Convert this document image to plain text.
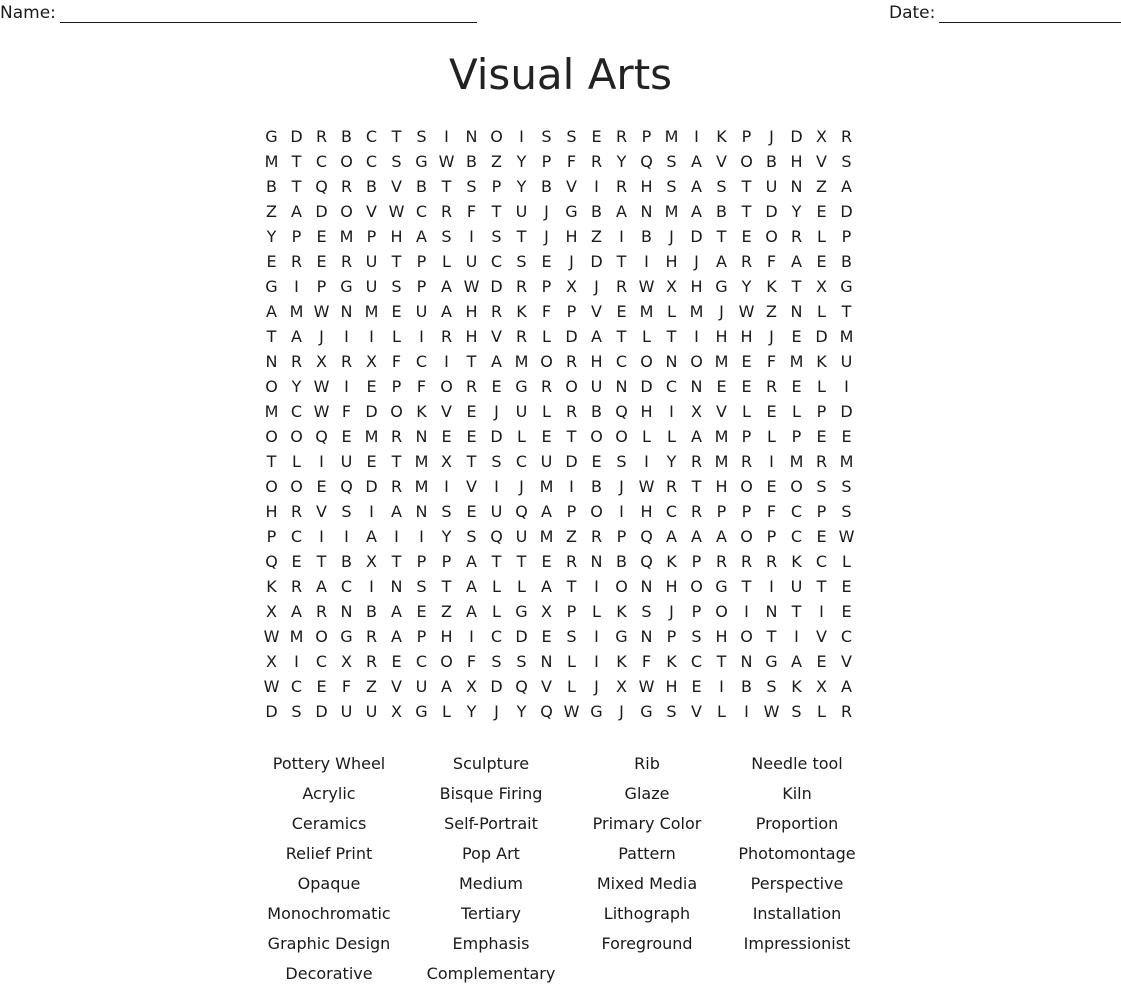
Name:	Date:
Visual Arts
G D R B C T S	I	N O	I	S S E R P M I	K P	J	D X R
M T C O C S G W B Z Y P F R Y Q S A V O B H V S
B T Q R B V B T S P Y B V	I	R H S A S T U N Z A
Z A D O V W C R F T U	J	G B A N M A B T D Y E D
Y P E M P H A S	I	S T	J	H Z	I	B	J	D T E O R L P
E R E R U T P L U C S E	J	D T	I	H	J	A R F A E B
G	I	P G U S P A W D R P X	J	R W X H G Y K T X G
A M W N M E U A H R K F P V E M L M J W Z N L T
T A	J	I	I	L	I	R H V R L D A T L T	I	H H	J	E D M
N R X R X F C	I	T A M O R H C O N O M E F M K U
O Y W I	E P F O R E G R O U N D C N E E R E L	I
M C W F D O K V E	J	U L R B Q H	I	X V L E L P D
O O Q E M R N E E D L E T O O L	L A M P L P E E
T L	I	U E T M X T S C U D E S	I	Y R M R	I M R M
O O E Q D R M I	V	I	J M I	B	J W R T H O E O S S
H R V S	I	A N S E U Q A P O	I	H C R P P F C P S
P C	I	I	A	I	I	Y S Q U M Z R P Q A A A O P C E W
Q E T B X T P P A T T E R N B Q K P R R R K C L
K R A C	I	N S T A L	L A T	I	O N H O G T	I	U T E
X A R N B A E Z A L G X P L K S	J	P O	I	N T	I	E
W M O G R A P H	I	C D E S	I	G N P S H O T	I	V C
X	I	C X R E C O F S S N L	I	K F K C T N G A E V
W C E F Z V U A X D Q V L	J	X W H E	I	B S K X A
D S D U U X G L Y	J	Y Q W G	J	G S V L	I W S L R
Pottery Wheel	Sculpture	Rib	Needle tool
Acrylic	Bisque Firing	Glaze	Kiln
Ceramics	Self-Portrait	Primary Color	Proportion
Relief Print	Pop Art	Pattern	Photomontage
Opaque	Medium	Mixed Media	Perspective
Monochromatic	Tertiary	Lithograph	Installation
Graphic Design	Emphasis	Foreground	Impressionist
Decorative	Complementary
